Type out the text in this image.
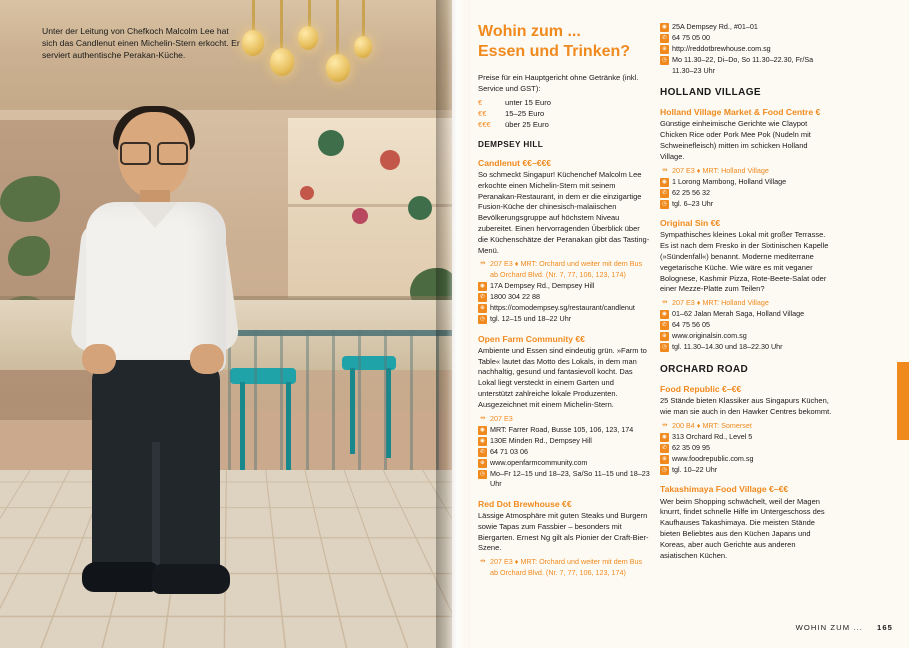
Unter der Leitung von Chefkoch Malcolm Lee hat sich das Candlenut einen Michelin-Stern erkocht. Er serviert authentische Perakan-Küche.
Wohin zum ...
Essen und Trinken?

Preise für ein Hauptgericht ohne Getränke (inkl. Service und GST):

€	unter 15 Euro
€€	15–25 Euro
€€€	über 25 Euro
DEMPSEY HILL
Candlenut €€–€€€

So schmeckt Singapur! Küchenchef Malcolm Lee erkochte einen Michelin-Stern mit seinem Peranakan-Restaurant, in dem er die einzigartige Fusion-Küche der chinesisch-malaiischen Bevölkerungsgruppe auf höchstem Niveau zubereitet. Einen hervorragenden Überblick über die Küchenschätze der Peranakan gibt das Tasting-Menü.

⇸ 207 E3 ♦ MRT: Orchard und weiter mit dem Bus ab Orchard Blvd. (Nr. 7, 77, 106, 123, 174)
◉ 17A Dempsey Rd., Dempsey Hill
✆ 1800 304 22 88
⊕ https://comodempsey.sg/restaurant/candlenut
◷ tgl. 12–15 und 18–22 Uhr
Open Farm Community €€

Ambiente und Essen sind eindeutig grün. »Farm to Table« lautet das Motto des Lokals, in dem man nachhaltig, gesund und fantasievoll kocht. Das Lokal liegt versteckt in einem Garten und unterstützt zahlreiche lokale Produzenten. Ausgezeichnet mit einem Michelin-Stern.

⇸ 207 E3
◉ MRT: Farrer Road, Busse 105, 106, 123, 174
◉ 130E Minden Rd., Dempsey Hill
✆ 64 71 03 06
⊕ www.openfarmcommunity.com
◷ Mo–Fr 12–15 und 18–23, Sa/So 11–15 und 18–23 Uhr
Red Dot Brewhouse €€

Lässige Atmosphäre mit guten Steaks und Burgern sowie Tapas zum Fassbier – besonders mit Biergarten. Ernest Ng gilt als Pionier der Craft-Bier-Szene.

⇸ 207 E3 ♦ MRT: Orchard und weiter mit dem Bus ab Orchard Blvd. (Nr. 7, 77, 106, 123, 174)
◉ 25A Dempsey Rd., #01–01
✆ 64 75 05 00
⊕ http://reddotbrewhouse.com.sg
◷ Mo 11.30–22, Di–Do, So 11.30–22.30, Fr/Sa 11.30–23 Uhr
HOLLAND VILLAGE
Holland Village Market & Food Centre €

Günstige einheimische Gerichte wie Claypot Chicken Rice oder Pork Mee Pok (Nudeln mit Schweinefleisch) mitten im schicken Holland Village.

⇸ 207 E3 ♦ MRT: Holland Village
◉ 1 Lorong Mambong, Holland Village
✆ 62 25 56 32
◷ tgl. 6–23 Uhr
Original Sin €€

Sympathisches kleines Lokal mit großer Terrasse. Es ist nach dem Fresko in der Sixtinischen Kapelle (»Sündenfall«) benannt. Moderne mediterrane vegetarische Küche. Wie wäre es mit veganer Bolognese, Kashmir Pizza, Rote-Beete-Salat oder einer Mezze-Platte zum Teilen?

⇸ 207 E3 ♦ MRT: Holland Village
◉ 01–62 Jalan Merah Saga, Holland Village
✆ 64 75 56 05
⊕ www.originalsin.com.sg
◷ tgl. 11.30–14.30 und 18–22.30 Uhr
ORCHARD ROAD
Food Republic €–€€

25 Stände bieten Klassiker aus Singapurs Küchen, wie man sie auch in den Hawker Centres bekommt.

⇸ 200 B4 ♦ MRT: Somerset
◉ 313 Orchard Rd., Level 5
✆ 62 35 09 95
⊕ www.foodrepublic.com.sg
◷ tgl. 10–22 Uhr
Takashimaya Food Village €–€€

Wer beim Shopping schwächelt, weil der Magen knurrt, findet schnelle Hilfe im Untergeschoss des Kaufhauses Takashimaya. Die meisten Stände bieten Beliebtes aus den Küchen Japans und Koreas, aber auch Gerichte aus anderen asiatischen Küchen.

WOHIN ZUM ... 165
